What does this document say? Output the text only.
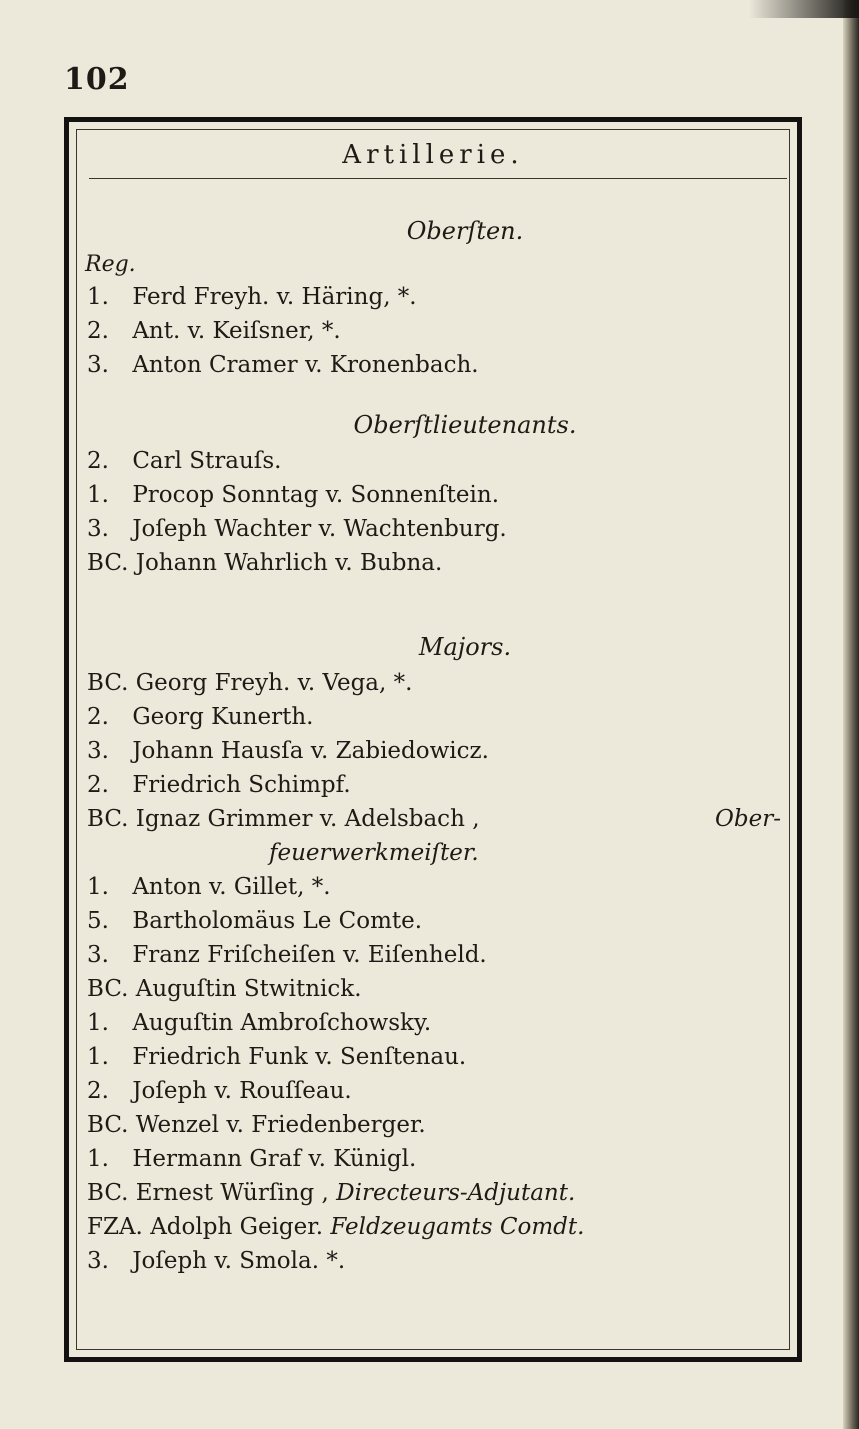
102
Artillerie.
Oberſten.
Reg.
1. Ferd Freyh. v. Häring, *.
2. Ant. v. Keiſsner, *.
3. Anton Cramer v. Kronenbach.
Oberſtlieutenants.
2. Carl Strauſs.
1. Procop Sonntag v. Sonnenſtein.
3. Joſeph Wachter v. Wachtenburg.
BC. Johann Wahrlich v. Bubna.
Majors.
BC. Georg Freyh. v. Vega, *.
2. Georg Kunerth.
3. Johann Hausſa v. Zabiedowicz.
2. Friedrich Schimpf.
BC. Ignaz Grimmer v. Adelsbach ,	Ober-
feuerwerkmeiſter.
1. Anton v. Gillet, *.
5. Bartholomäus Le Comte.
3. Franz Friſcheiſen v. Eiſenheld.
BC. Auguſtin Stwitnick.
1. Auguſtin Ambroſchowsky.
1. Friedrich Funk v. Senſtenau.
2. Joſeph v. Rouſſeau.
BC. Wenzel v. Friedenberger.
1. Hermann Graf v. Künigl.
BC. Ernest Würſing , Directeurs-Adjutant.
FZA. Adolph Geiger. Feldzeugamts Comdt.
3. Joſeph v. Smola. *.
